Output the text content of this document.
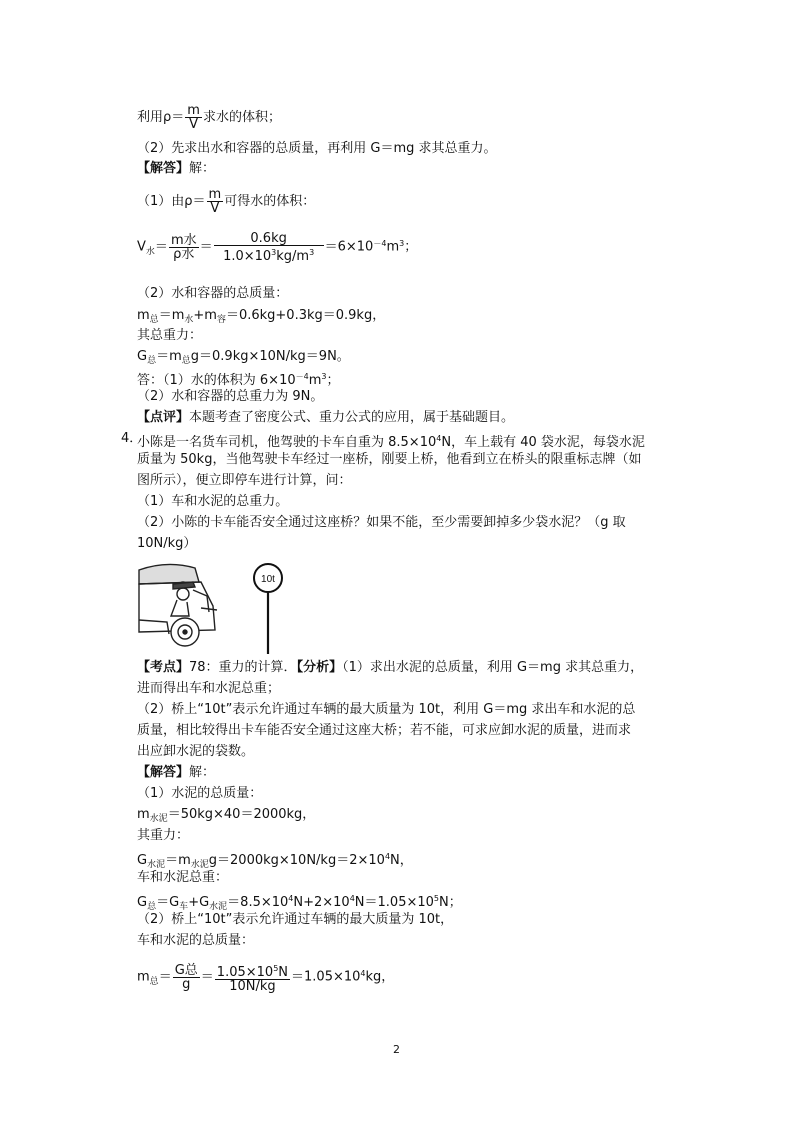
利用$\rho= \frac{m}{V}$ 求水的体积；
（2）先求出水和容器的总质量，再利用 G＝mg 求其总重力。
【解答】解：
（1）由$\rho= \frac{m}{V}$ 可得水的体积：
$V_水= \frac{\text{m水}}{\text{ρ水}} = \frac{0.6kg}{1.0\times 10^3kg/m^3} =6\times 10^{-4}m^3$；
（2）水和容器的总质量：
$m_总=m_水+m_容=0.6kg+0.3kg=0.9kg$，
其总重力：
$G_总=m_总g=0.9kg\times 10N/kg=9N$。
答：（1）水的体积为 $6\times 10^{-4}m^3$；
（2）水和容器的总重力为 9N。
【点评】本题考查了密度公式、重力公式的应用，属于基础题目。
4．
小陈是一名货车司机，他驾驶的卡车自重为 $8.5\times 10^4N$，车上载有 40 袋水泥，每袋水泥
质量为 50kg，当他驾驶卡车经过一座桥，刚要上桥，他看到立在桥头的限重标志牌（如
图所示），便立即停车进行计算，问：
（1）车和水泥的总重力。
（2）小陈的卡车能否安全通过这座桥？如果不能，至少需要卸掉多少袋水泥？（g 取
10N/kg）
10t
【考点】78：重力的计算．【分析】（1）求出水泥的总质量，利用 G＝mg 求其总重力，
进而得出车和水泥总重；
（2）桥上“10t”表示允许通过车辆的最大质量为 10t，利用 G＝mg 求出车和水泥的总
质量，相比较得出卡车能否安全通过这座大桥；若不能，可求应卸水泥的质量，进而求
出应卸水泥的袋数。
【解答】解：
（1）水泥的总质量：
$m_{水泥}=50kg\times 40=2000kg$，
其重力：
$G_{水泥}=m_{水泥}g=2000kg\times 10N/kg=2\times 10^4N$，
车和水泥总重：
$G_总=G_车+G_{水泥}=8.5\times 10^4N+2\times 10^4N=1.05\times 10^5N$；
（2）桥上“10t”表示允许通过车辆的最大质量为 10t，
车和水泥的总质量：
$m_总= \frac{\text{G总}}{g} = \frac{1.05\times 10^5N}{10N/kg} =1.05\times 10^4kg$，
2
